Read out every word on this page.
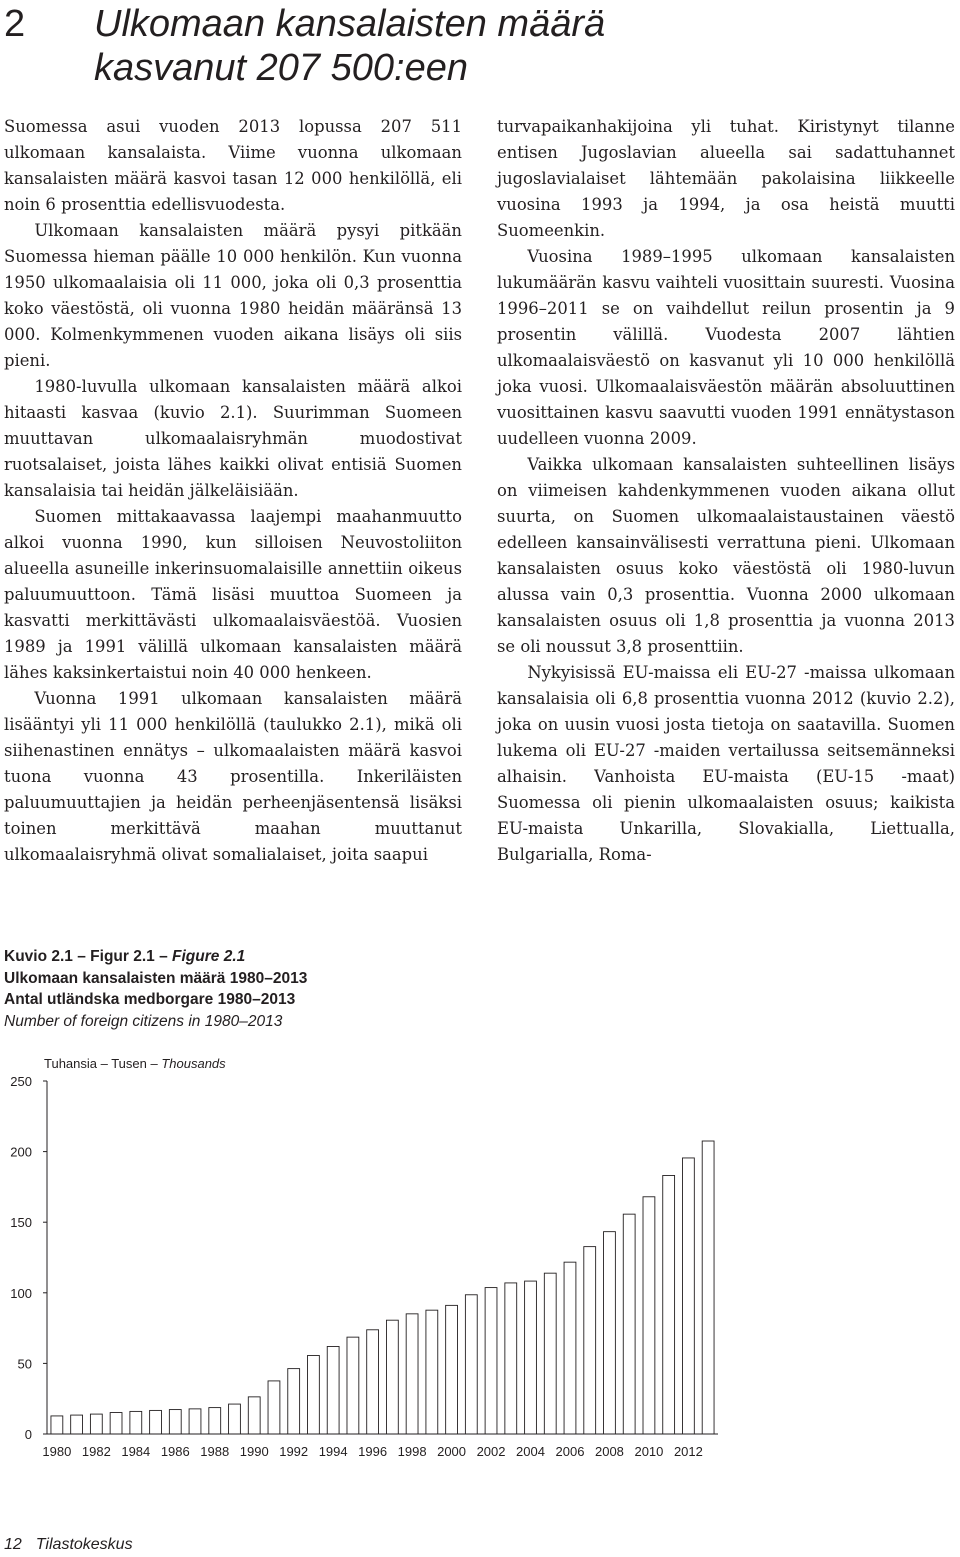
2 Ulkomaan kansalaisten määrä
kasvanut 207 500:een

Suomessa asui vuoden 2013 lopussa 207 511 ulkomaan kansalaista. Viime vuonna ulkomaan kansalaisten määrä kasvoi tasan 12 000 henkilöllä, eli noin 6 prosenttia edellisvuodesta.

Ulkomaan kansalaisten määrä pysyi pitkään Suomessa hieman päälle 10 000 henkilön. Kun vuonna 1950 ulkomaalaisia oli 11 000, joka oli 0,3 prosenttia koko väestöstä, oli vuonna 1980 heidän määränsä 13 000. Kolmenkymmenen vuoden aikana lisäys oli siis pieni.

1980-luvulla ulkomaan kansalaisten määrä alkoi hitaasti kasvaa (kuvio 2.1). Suurimman Suomeen muuttavan ulkomaalaisryhmän muodostivat ruotsalaiset, joista lähes kaikki olivat entisiä Suomen kansalaisia tai heidän jälkeläisiään.

Suomen mittakaavassa laajempi maahanmuutto alkoi vuonna 1990, kun silloisen Neuvostoliiton alueella asuneille inkerinsuomalaisille annettiin oikeus paluumuuttoon. Tämä lisäsi muuttoa Suomeen ja kasvatti merkittävästi ulkomaalaisväestöä. Vuosien 1989 ja 1991 välillä ulkomaan kansalaisten määrä lähes kaksinkertaistui noin 40 000 henkeen.

Vuonna 1991 ulkomaan kansalaisten määrä lisääntyi yli 11 000 henkilöllä (taulukko 2.1), mikä oli siihenastinen ennätys – ulkomaalaisten määrä kasvoi tuona vuonna 43 prosentilla. Inkeriläisten paluumuuttajien ja heidän perheenjäsentensä lisäksi toinen merkittävä maahan muuttanut ulkomaalaisryhmä olivat somalialaiset, joita saapui

turvapaikanhakijoina yli tuhat. Kiristynyt tilanne entisen Jugoslavian alueella sai sadattuhannet jugoslavialaiset lähtemään pakolaisina liikkeelle vuosina 1993 ja 1994, ja osa heistä muutti Suomeenkin.

Vuosina 1989–1995 ulkomaan kansalaisten lukumäärän kasvu vaihteli vuosittain suuresti. Vuosina 1996–2011 se on vaihdellut reilun prosentin ja 9 prosentin välillä. Vuodesta 2007 lähtien ulkomaalaisväestö on kasvanut yli 10 000 henkilöllä joka vuosi. Ulkomaalaisväestön määrän absoluuttinen vuosittainen kasvu saavutti vuoden 1991 ennätystason uudelleen vuonna 2009.

Vaikka ulkomaan kansalaisten suhteellinen lisäys on viimeisen kahdenkymmenen vuoden aikana ollut suurta, on Suomen ulkomaalaistaustainen väestö edelleen kansainvälisesti verrattuna pieni. Ulkomaan kansalaisten osuus koko väestöstä oli 1980-luvun alussa vain 0,3 prosenttia. Vuonna 2000 ulkomaan kansalaisten osuus oli 1,8 prosenttia ja vuonna 2013 se oli noussut 3,8 prosenttiin.

Nykyisissä EU-maissa eli EU-27 -maissa ulkomaan kansalaisia oli 6,8 prosenttia vuonna 2012 (kuvio 2.2), joka on uusin vuosi josta tietoja on saatavilla. Suomen lukema oli EU-27 -maiden vertailussa seitsemänneksi alhaisin. Vanhoista EU-maista (EU-15 -maat) Suomessa oli pienin ulkomaalaisten osuus; kaikista EU-maista Unkarilla, Slovakialla, Liettualla, Bulgarialla, Roma-

Kuvio 2.1 – Figur 2.1 – Figure 2.1
Ulkomaan kansalaisten määrä 1980–2013
Antal utländska medborgare 1980–2013
Number of foreign citizens in 1980–2013
Tuhansia – Tusen – Thousands
0
50
100
150
200
250
1980 1982 1984 1986 1988 1990 1992 1994 1996 1998 2000 2002 2004 2006 2008 2010 2012
12 Tilastokeskus
